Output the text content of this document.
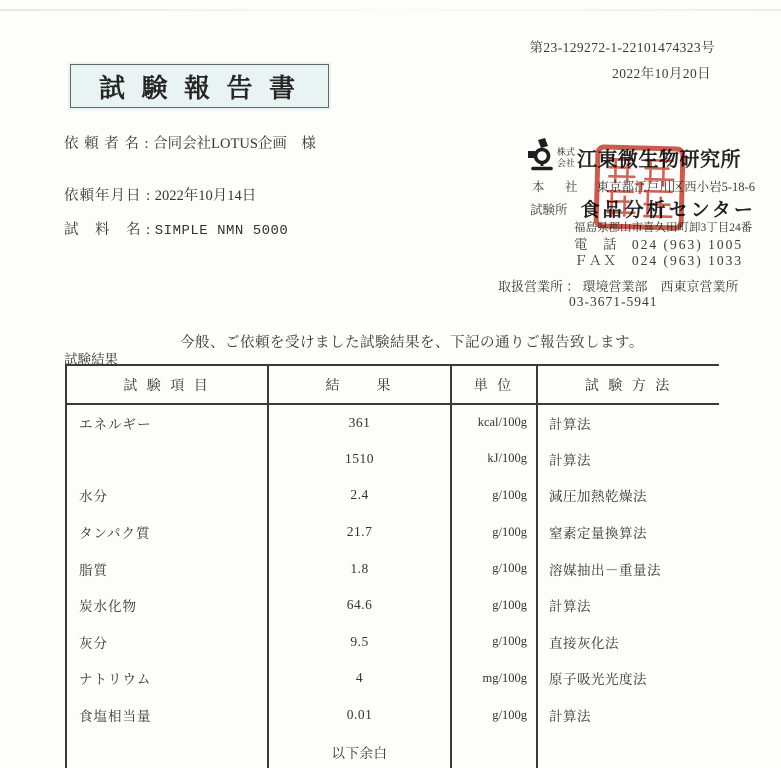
第23-129272-1-22101474323号
2022年10月20日
試 験 報 告 書
依 頼 者 名 : 合同会社LOTUS企画　様
依頼年月日 : 2022年10月14日
試　料　名 : SIMPLE NMN 5000
株式
会社 江東微生物研究所
本　社 東京都江戸川区西小岩5-18-6
試験所 食品分析センター
福島県郡山市喜久田町卸3丁目24番
電　話 024 (963) 1005
ＦＡＸ 024 (963) 1033
取扱営業所 ： 環境営業部　西東京営業所
03-3671-5941
今般、ご依頼を受けました試験結果を、下記の通りご報告致します。
試験結果
試 験 項 目	結　　果	単 位	試 験 方 法
エネルギー	361	kcal/100g	計算法
	1510	kJ/100g	計算法
水分	2.4	g/100g	減圧加熱乾燥法
タンパク質	21.7	g/100g	窒素定量換算法
脂質	1.8	g/100g	溶媒抽出－重量法
炭水化物	64.6	g/100g	計算法
灰分	9.5	g/100g	直接灰化法
ナトリウム	4	mg/100g	原子吸光光度法
食塩相当量	0.01	g/100g	計算法
	以下余白		
